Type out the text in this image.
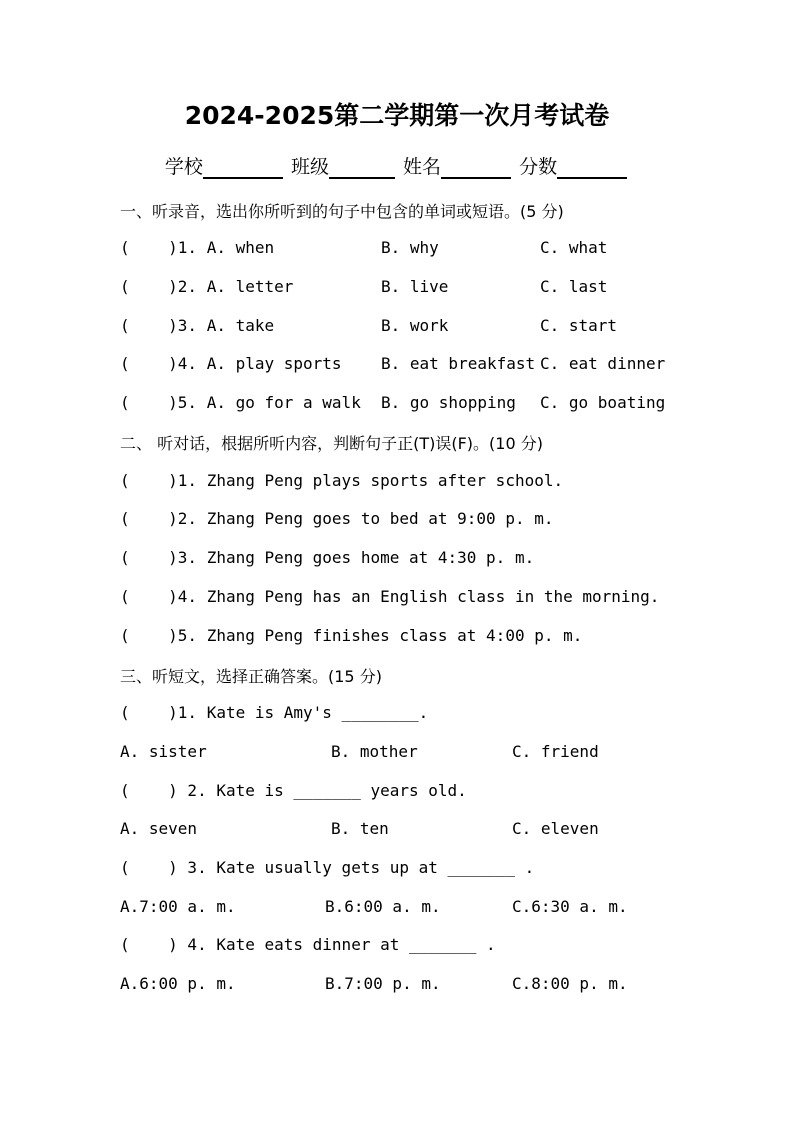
2024-2025第二学期第一次月考试卷
学校	班级	姓名	分数
一、听录音，选出你所听到的句子中包含的单词或短语。(5 分)
(    )1. A. when	B. why	C. what
(    )2. A. letter	B. live	C. last
(    )3. A. take	B. work	C. start
(    )4. A. play sports B. eat breakfast C. eat dinner
(    )5. A. go for a walk B. go shopping C. go boating
二、 听对话，根据所听内容，判断句子正(T)误(F)。(10 分)
(    )1. Zhang Peng plays sports after school.
(    )2. Zhang Peng goes to bed at 9:00 p. m.
(    )3. Zhang Peng goes home at 4:30 p. m.
(    )4. Zhang Peng has an English class in the morning.
(    )5. Zhang Peng finishes class at 4:00 p. m.
三、听短文，选择正确答案。(15 分)
(    )1. Kate is Amy's ________.
A. sister	B. mother	C. friend
(    ) 2. Kate is _______ years old.
A. seven	B. ten	C. eleven
(    ) 3. Kate usually gets up at _______ .
A.7:00 a. m.	B.6:00 a. m.	C.6:30 a. m.
(    ) 4. Kate eats dinner at _______ .
A.6:00 p. m.	B.7:00 p. m.	C.8:00 p. m.
